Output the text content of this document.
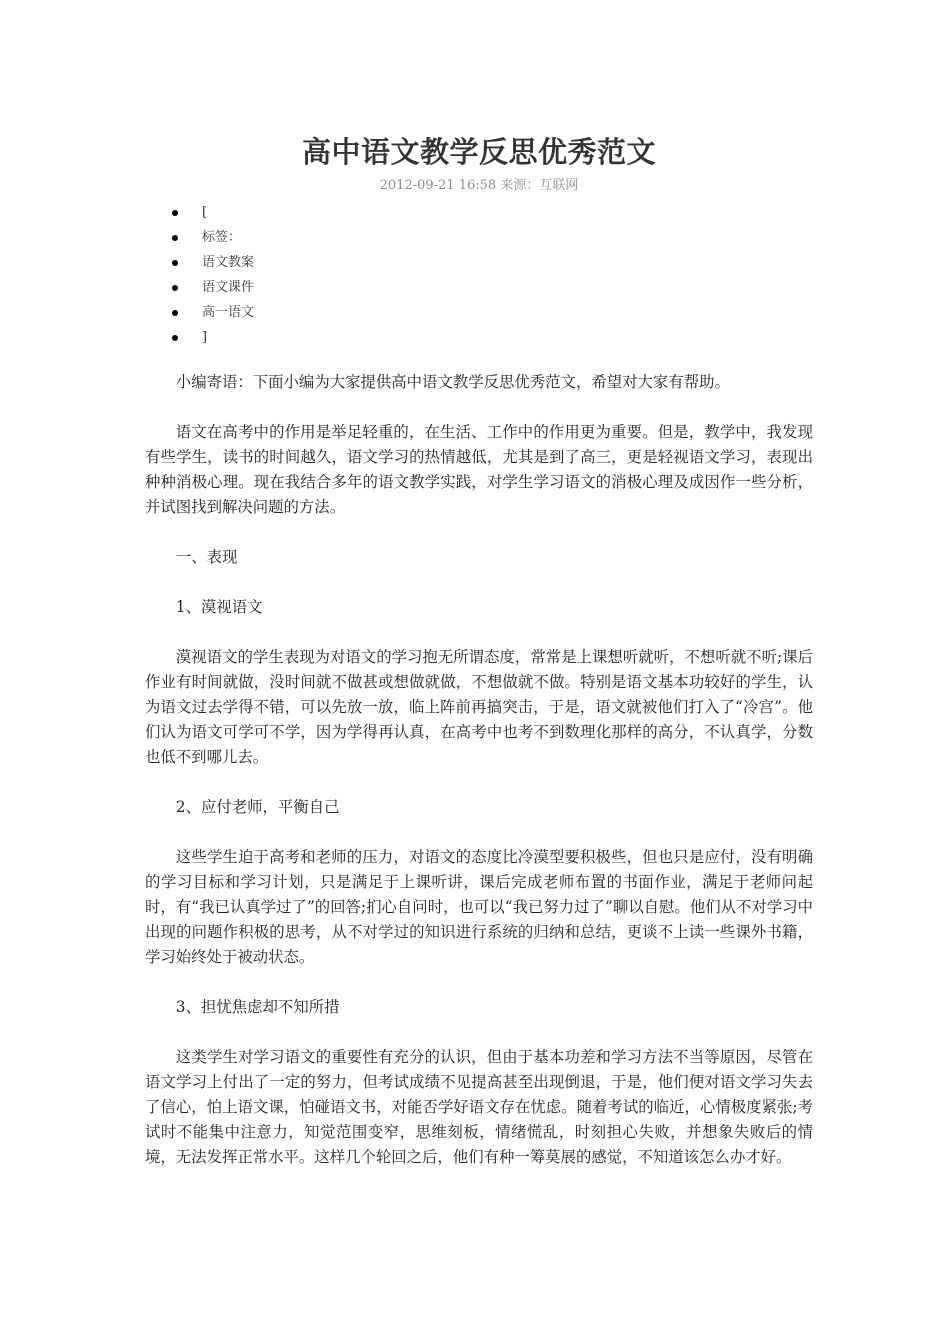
高中语文教学反思优秀范文
2012-09-21 16:58 来源：互联网
[
标签：
语文教案
语文课件
高一语文
]

小编寄语：下面小编为大家提供高中语文教学反思优秀范文，希望对大家有帮助。

语文在高考中的作用是举足轻重的，在生活、工作中的作用更为重要。但是，教学中，我发现有些学生，读书的时间越久，语文学习的热情越低，尤其是到了高三，更是轻视语文学习，表现出种种消极心理。现在我结合多年的语文教学实践，对学生学习语文的消极心理及成因作一些分析，并试图找到解决问题的方法。

一、表现

1、漠视语文

漠视语文的学生表现为对语文的学习抱无所谓态度，常常是上课想听就听，不想听就不听;课后作业有时间就做，没时间就不做甚或想做就做，不想做就不做。特别是语文基本功较好的学生，认为语文过去学得不错，可以先放一放，临上阵前再搞突击，于是，语文就被他们打入了“冷宫”。他们认为语文可学可不学，因为学得再认真，在高考中也考不到数理化那样的高分，不认真学，分数也低不到哪儿去。

2、应付老师，平衡自己

这些学生迫于高考和老师的压力，对语文的态度比冷漠型要积极些，但也只是应付，没有明确的学习目标和学习计划，只是满足于上课听讲，课后完成老师布置的书面作业，满足于老师问起时，有“我已认真学过了”的回答;扪心自问时，也可以“我已努力过了”聊以自慰。他们从不对学习中出现的问题作积极的思考，从不对学过的知识进行系统的归纳和总结，更谈不上读一些课外书籍，学习始终处于被动状态。

3、担忧焦虑却不知所措

这类学生对学习语文的重要性有充分的认识，但由于基本功差和学习方法不当等原因，尽管在语文学习上付出了一定的努力，但考试成绩不见提高甚至出现倒退，于是，他们便对语文学习失去了信心，怕上语文课，怕碰语文书，对能否学好语文存在忧虑。随着考试的临近，心情极度紧张;考试时不能集中注意力，知觉范围变窄，思维刻板，情绪慌乱，时刻担心失败，并想象失败后的情境，无法发挥正常水平。这样几个轮回之后，他们有种一筹莫展的感觉，不知道该怎么办才好。
